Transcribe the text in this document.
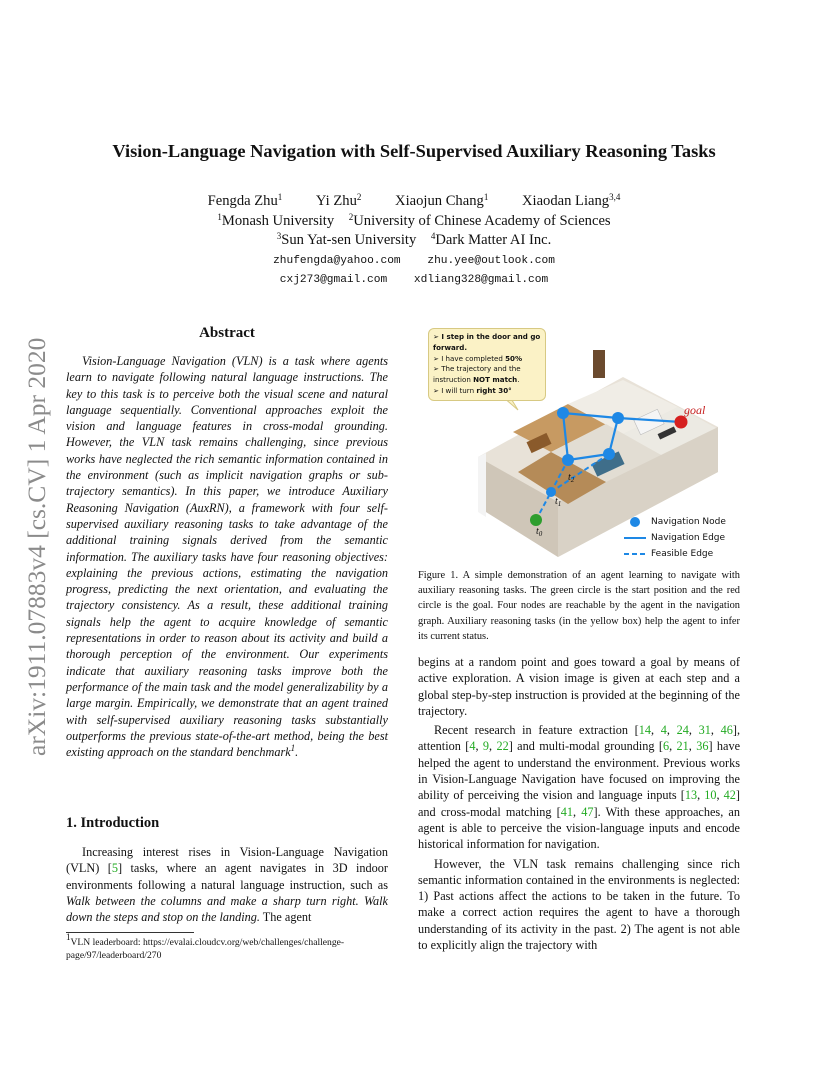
arXiv:1911.07883v4 [cs.CV] 1 Apr 2020
Vision-Language Navigation with Self-Supervised Auxiliary Reasoning Tasks
Fengda Zhu$^1$ Yi Zhu$^2$ Xiaojun Chang$^1$ Xiaodan Liang$^{3,4}$
$^1$Monash University $^2$University of Chinese Academy of Sciences
$^3$Sun Yat-sen University $^4$Dark Matter AI Inc.
zhufengda@yahoo.com zhu.yee@outlook.com
cxj273@gmail.com xdliang328@gmail.com
Abstract
Vision-Language Navigation (VLN) is a task where agents learn to navigate following natural language instructions. The key to this task is to perceive both the visual scene and natural language sequentially. Conventional approaches exploit the vision and language features in cross-modal grounding. However, the VLN task remains challenging, since previous works have neglected the rich semantic information contained in the environment (such as implicit navigation graphs or sub-trajectory semantics). In this paper, we introduce Auxiliary Reasoning Navigation (AuxRN), a framework with four self-supervised auxiliary reasoning tasks to take advantage of the additional training signals derived from the semantic information. The auxiliary tasks have four reasoning objectives: explaining the previous actions, estimating the navigation progress, predicting the next orientation, and evaluating the trajectory consistency. As a result, these additional training signals help the agent to acquire knowledge of semantic representations in order to reason about its activity and build a thorough perception of the environment. Our experiments indicate that auxiliary reasoning tasks improve both the performance of the main task and the model generalizability by a large margin. Empirically, we demonstrate that an agent trained with self-supervised auxiliary reasoning tasks substantially outperforms the previous state-of-the-art method, being the best existing approach on the standard benchmark$^1$.
1. Introduction
Increasing interest rises in Vision-Language Navigation (VLN) [5] tasks, where an agent navigates in 3D indoor environments following a natural language instruction, such as Walk between the columns and make a sharp turn right. Walk down the steps and stop on the landing. The agent
$^1$VLN leaderboard: https://evalai.cloudcv.org/web/challenges/challenge-page/97/leaderboard/270
goal
$t_0$
$t_1$
$t_2$
➢ I step in the door and go forward.
➢ I have completed 50%
➢ The trajectory and the instruction NOT match.
➢ I will turn right 30°
Navigation Node
Navigation Edge
Feasible Edge
Figure 1. A simple demonstration of an agent learning to navigate with auxiliary reasoning tasks. The green circle is the start position and the red circle is the goal. Four nodes are reachable by the agent in the navigation graph. Auxiliary reasoning tasks (in the yellow box) help the agent to infer its current status.

begins at a random point and goes toward a goal by means of active exploration. A vision image is given at each step and a global step-by-step instruction is provided at the beginning of the trajectory.

Recent research in feature extraction [14, 4, 24, 31, 46], attention [4, 9, 22] and multi-modal grounding [6, 21, 36] have helped the agent to understand the environment. Previous works in Vision-Language Navigation have focused on improving the ability of perceiving the vision and language inputs [13, 10, 42] and cross-modal matching [41, 47]. With these approaches, an agent is able to perceive the vision-language inputs and encode historical information for navigation.

However, the VLN task remains challenging since rich semantic information contained in the environments is neglected: 1) Past actions affect the actions to be taken in the future. To make a correct action requires the agent to have a thorough understanding of its activity in the past. 2) The agent is not able to explicitly align the trajectory with
